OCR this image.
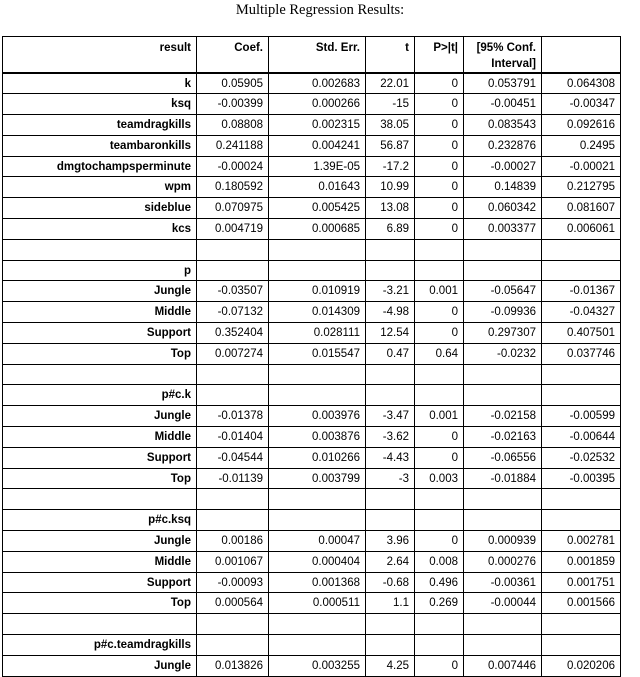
Multiple Regression Results:
result	Coef.	Std. Err.	t	P>|t|	[95% Conf. Interval]	
k	0.05905	0.002683	22.01	0	0.053791	0.064308
ksq	-0.00399	0.000266	-15	0	-0.00451	-0.00347
teamdragkills	0.08808	0.002315	38.05	0	0.083543	0.092616
teambaronkills	0.241188	0.004241	56.87	0	0.232876	0.2495
dmgtochampsperminute	-0.00024	1.39E-05	-17.2	0	-0.00027	-0.00021
wpm	0.180592	0.01643	10.99	0	0.14839	0.212795
sideblue	0.070975	0.005425	13.08	0	0.060342	0.081607
kcs	0.004719	0.000685	6.89	0	0.003377	0.006061

p						
Jungle	-0.03507	0.010919	-3.21	0.001	-0.05647	-0.01367
Middle	-0.07132	0.014309	-4.98	0	-0.09936	-0.04327
Support	0.352404	0.028111	12.54	0	0.297307	0.407501
Top	0.007274	0.015547	0.47	0.64	-0.0232	0.037746

p#c.k						
Jungle	-0.01378	0.003976	-3.47	0.001	-0.02158	-0.00599
Middle	-0.01404	0.003876	-3.62	0	-0.02163	-0.00644
Support	-0.04544	0.010266	-4.43	0	-0.06556	-0.02532
Top	-0.01139	0.003799	-3	0.003	-0.01884	-0.00395

p#c.ksq						
Jungle	0.00186	0.00047	3.96	0	0.000939	0.002781
Middle	0.001067	0.000404	2.64	0.008	0.000276	0.001859
Support	-0.00093	0.001368	-0.68	0.496	-0.00361	0.001751
Top	0.000564	0.000511	1.1	0.269	-0.00044	0.001566

p#c.teamdragkills						
Jungle	0.013826	0.003255	4.25	0	0.007446	0.020206
